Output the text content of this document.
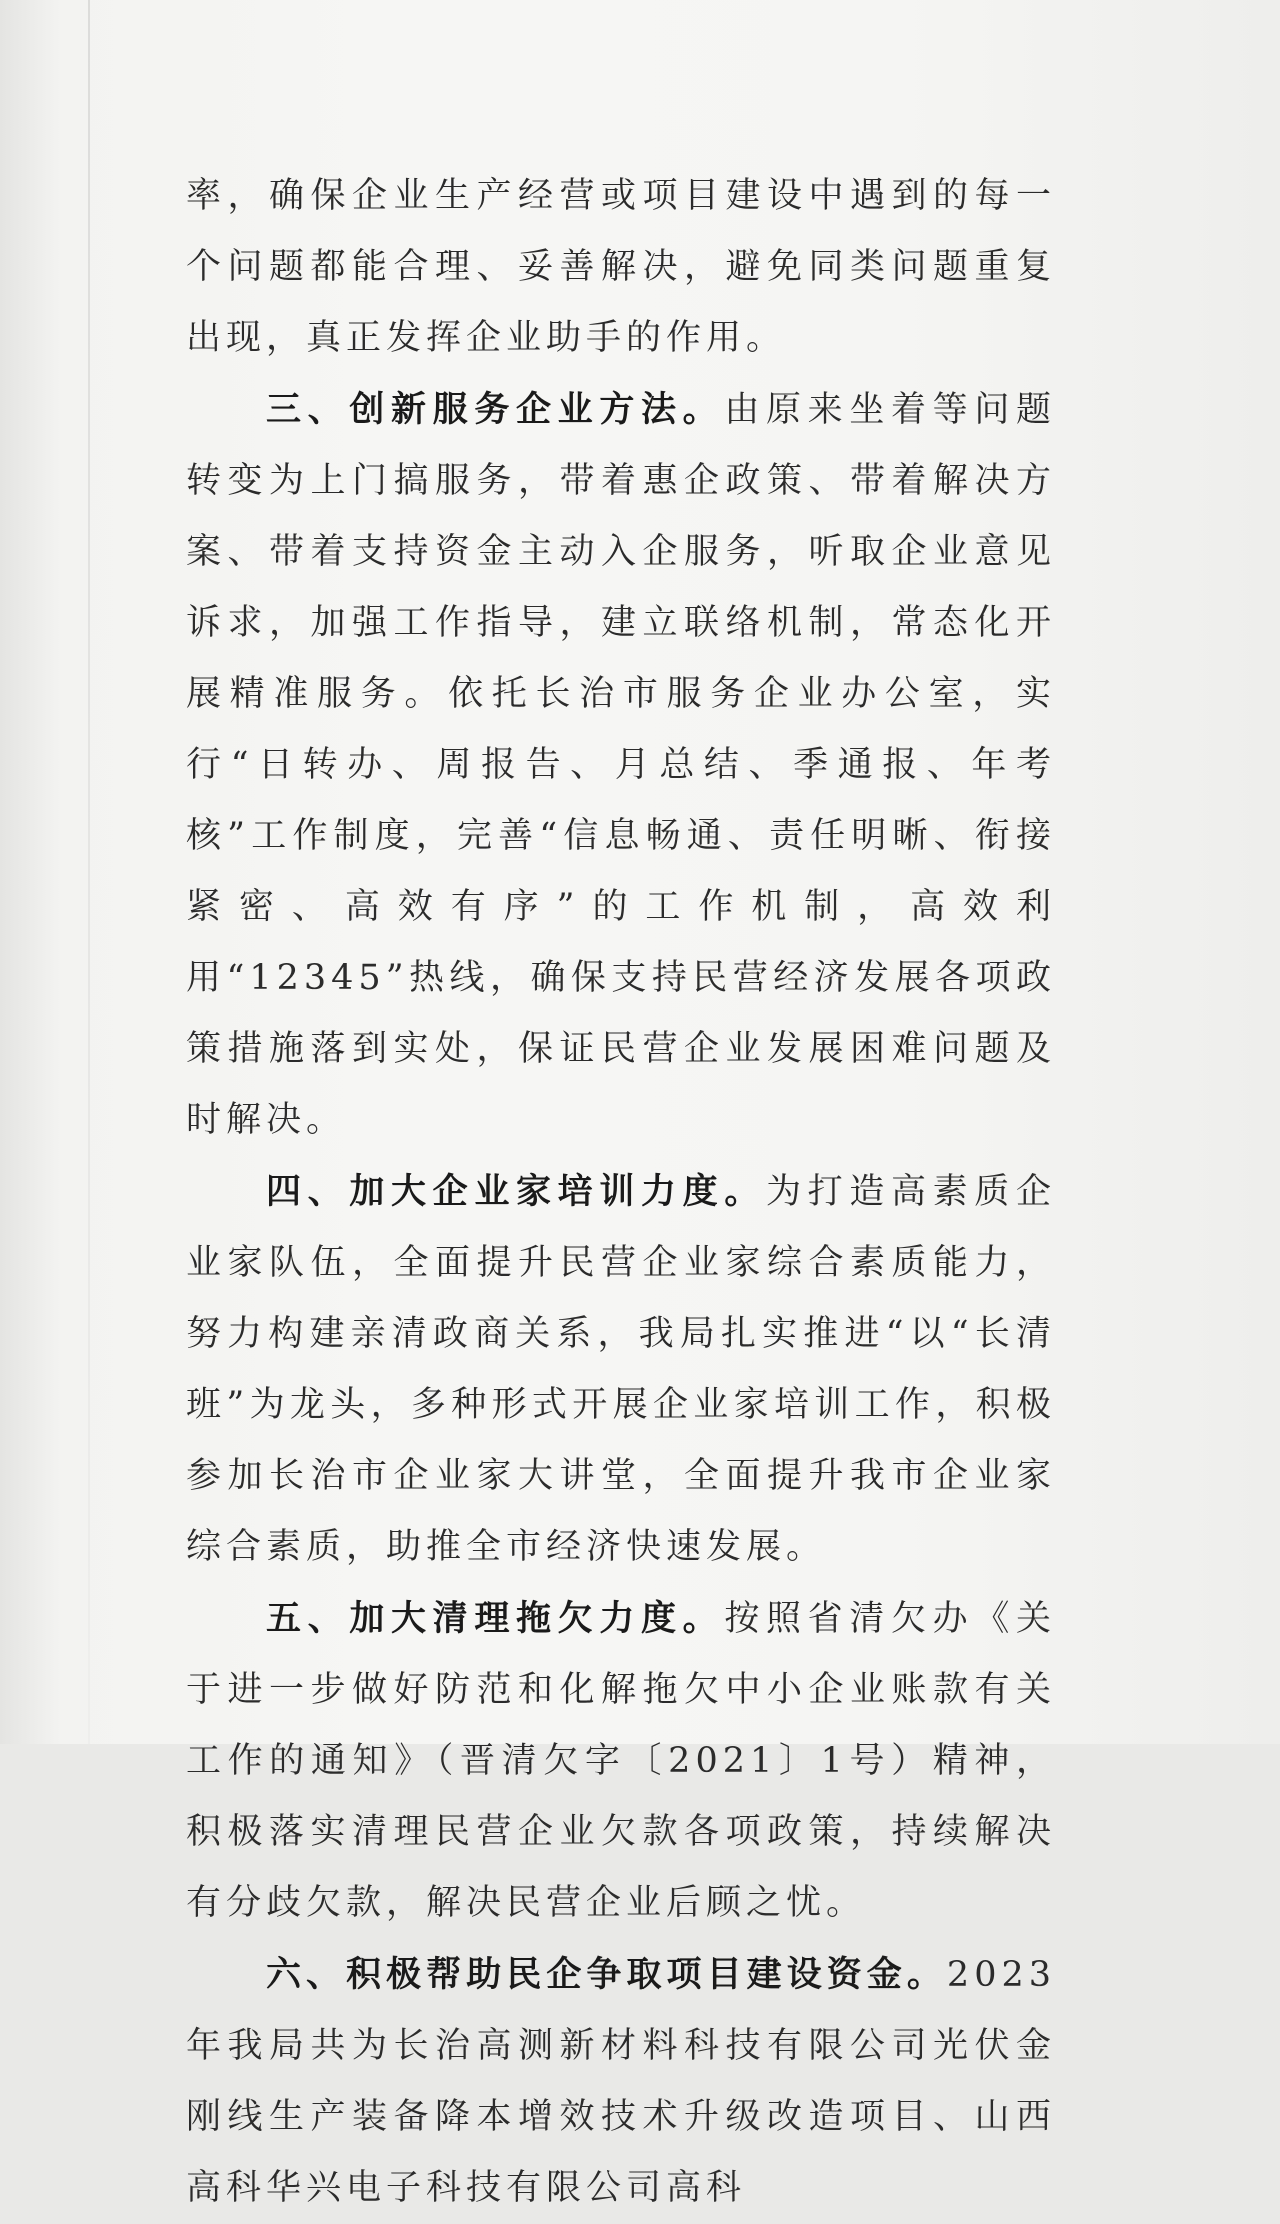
率，确保企业生产经营或项目建设中遇到的每一个问题都能合理、妥善解决，避免同类问题重复出现，真正发挥企业助手的作用。

三、创新服务企业方法。由原来坐着等问题转变为上门搞服务，带着惠企政策、带着解决方案、带着支持资金主动入企服务，听取企业意见诉求，加强工作指导，建立联络机制，常态化开展精准服务。依托长治市服务企业办公室，实行“日转办、周报告、月总结、季通报、年考核”工作制度，完善“信息畅通、责任明晰、衔接紧密、高效有序”的工作机制，高效利用“12345”热线，确保支持民营经济发展各项政策措施落到实处，保证民营企业发展困难问题及时解决。

四、加大企业家培训力度。为打造高素质企业家队伍，全面提升民营企业家综合素质能力，努力构建亲清政商关系，我局扎实推进“以“长清班”为龙头，多种形式开展企业家培训工作，积极参加长治市企业家大讲堂，全面提升我市企业家综合素质，助推全市经济快速发展。

五、加大清理拖欠力度。按照省清欠办《关于进一步做好防范和化解拖欠中小企业账款有关工作的通知》（晋清欠字〔2021〕1号）精神，积极落实清理民营企业欠款各项政策，持续解决有分歧欠款，解决民营企业后顾之忧。

六、积极帮助民企争取项目建设资金。2023年我局共为长治高测新材料科技有限公司光伏金刚线生产装备降本增效技术升级改造项目、山西高科华兴电子科技有限公司高科
